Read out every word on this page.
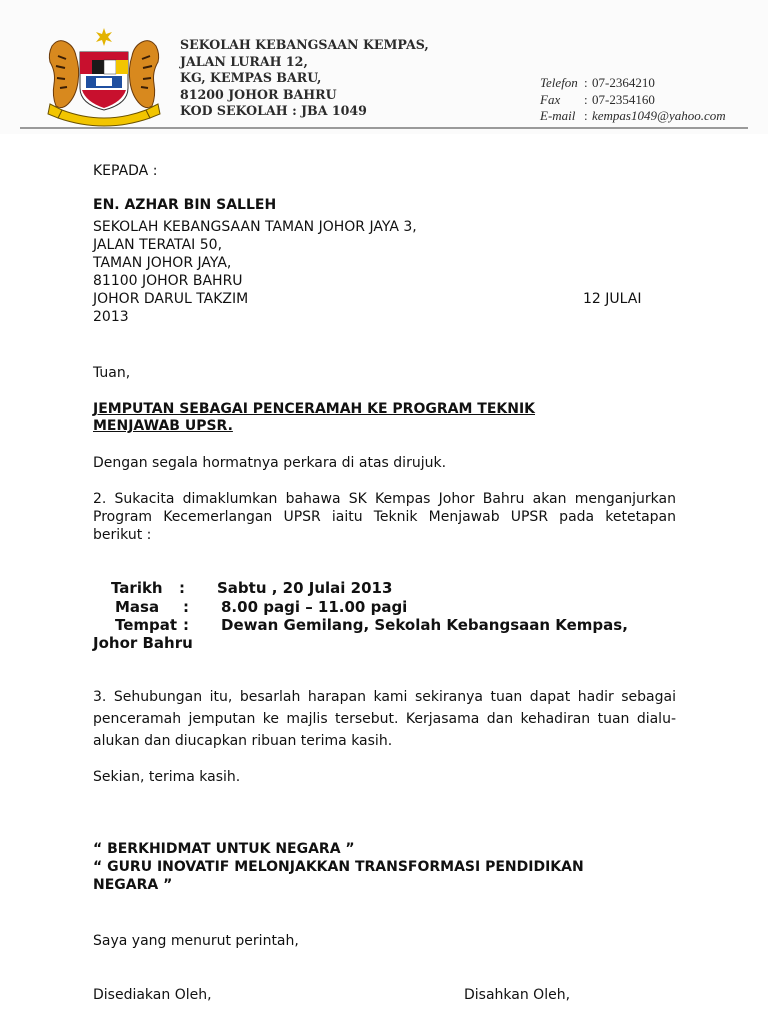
SEKOLAH KEBANGSAAN KEMPAS,
JALAN LURAH 12,
KG, KEMPAS BARU,
81200 JOHOR BAHRU
KOD SEKOLAH : JBA 1049
Telefon : 07-2364210
Fax : 07-2354160
E-mail : kempas1049@yahoo.com
KEPADA :
EN. AZHAR BIN SALLEH
SEKOLAH KEBANGSAAN TAMAN JOHOR JAYA 3,
JALAN TERATAI 50,
TAMAN JOHOR JAYA,
81100 JOHOR BAHRU
JOHOR DARUL TAKZIM	12 JULAI
2013
Tuan,
JEMPUTAN SEBAGAI PENCERAMAH KE PROGRAM TEKNIK
MENJAWAB UPSR.
Dengan segala hormatnya perkara di atas dirujuk.
2. Sukacita dimaklumkan bahawa SK Kempas Johor Bahru akan menganjurkan Program Kecemerlangan UPSR iaitu Teknik Menjawab UPSR pada ketetapan berikut :
Tarikh : Sabtu , 20 Julai 2013
Masa : 8.00 pagi – 11.00 pagi
Tempat : Dewan Gemilang, Sekolah Kebangsaan Kempas,
Johor Bahru
3. Sehubungan itu, besarlah harapan kami sekiranya tuan dapat hadir sebagai penceramah jemputan ke majlis tersebut. Kerjasama dan kehadiran tuan dialu-alukan dan diucapkan ribuan terima kasih.
Sekian, terima kasih.
“ BERKHIDMAT UNTUK NEGARA ”
“ GURU INOVATIF MELONJAKKAN TRANSFORMASI PENDIDIKAN
NEGARA ”
Saya yang menurut perintah,
Disediakan Oleh,	Disahkan Oleh,
